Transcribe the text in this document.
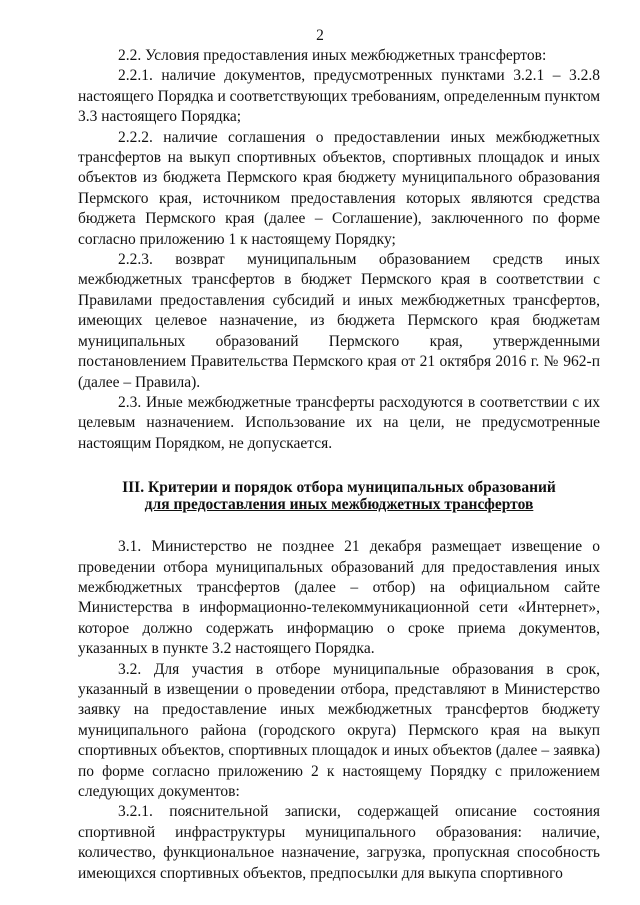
2

2.2. Условия предоставления иных межбюджетных трансфертов:

2.2.1. наличие документов, предусмотренных пунктами 3.2.1 – 3.2.8 настоящего Порядка и соответствующих требованиям, определенным пунктом 3.3 настоящего Порядка;

2.2.2. наличие соглашения о предоставлении иных межбюджетных трансфертов на выкуп спортивных объектов, спортивных площадок и иных объектов из бюджета Пермского края бюджету муниципального образования Пермского края, источником предоставления которых являются средства бюджета Пермского края (далее – Соглашение), заключенного по форме согласно приложению 1 к настоящему Порядку;

2.2.3. возврат муниципальным образованием средств иных межбюджетных трансфертов в бюджет Пермского края в соответствии с Правилами предоставления субсидий и иных межбюджетных трансфертов, имеющих целевое назначение, из бюджета Пермского края бюджетам муниципальных образований Пермского края, утвержденными постановлением Правительства Пермского края от 21 октября 2016 г. № 962-п (далее – Правила).

2.3. Иные межбюджетные трансферты расходуются в соответствии с их целевым назначением. Использование их на цели, не предусмотренные настоящим Порядком, не допускается.

III. Критерии и порядок отбора муниципальных образований
для предоставления иных межбюджетных трансфертов

3.1. Министерство не позднее 21 декабря размещает извещение о проведении отбора муниципальных образований для предоставления иных межбюджетных трансфертов (далее – отбор) на официальном сайте Министерства в информационно-телекоммуникационной сети «Интернет», которое должно содержать информацию о сроке приема документов, указанных в пункте 3.2 настоящего Порядка.

3.2. Для участия в отборе муниципальные образования в срок, указанный в извещении о проведении отбора, представляют в Министерство заявку на предоставление иных межбюджетных трансфертов бюджету муниципального района (городского округа) Пермского края на выкуп спортивных объектов, спортивных площадок и иных объектов (далее – заявка) по форме согласно приложению 2 к настоящему Порядку с приложением следующих документов:

3.2.1. пояснительной записки, содержащей описание состояния спортивной инфраструктуры муниципального образования: наличие, количество, функциональное назначение, загрузка, пропускная способность имеющихся спортивных объектов, предпосылки для выкупа спортивного
